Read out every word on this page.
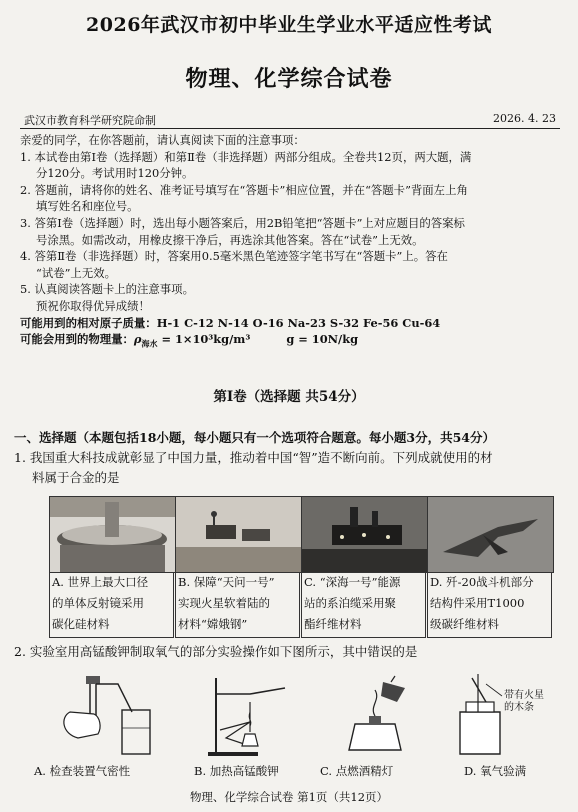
2026年武汉市初中毕业生学业水平适应性考试
物理、化学综合试卷
武汉市教育科学研究院命制	2026. 4. 23
亲爱的同学，在你答题前，请认真阅读下面的注意事项：
1. 本试卷由第Ⅰ卷（选择题）和第Ⅱ卷（非选择题）两部分组成。全卷共12页，两大题，满
分120分。考试用时120分钟。
2. 答题前，请将你的姓名、准考证号填写在“答题卡”相应位置，并在“答题卡”背面左上角
填写姓名和座位号。
3. 答第Ⅰ卷（选择题）时，选出每小题答案后，用2B铅笔把“答题卡”上对应题目的答案标
号涂黑。如需改动，用橡皮擦干净后，再选涂其他答案。答在“试卷”上无效。
4. 答第Ⅱ卷（非选择题）时，答案用0.5毫米黑色笔迹签字笔书写在“答题卡”上。答在
“试卷”上无效。
5. 认真阅读答题卡上的注意事项。
预祝你取得优异成绩！
可能用到的相对原子质量：H-1 C-12 N-14 O-16 Na-23 S-32 Fe-56 Cu-64
可能会用到的物理量：$\rho_{海水} = 1\times 10^3kg/m^3$	g = 10N/kg
第Ⅰ卷（选择题 共54分）
一、选择题（本题包括18小题，每小题只有一个选项符合题意。每小题3分，共54分）
1. 我国重大科技成就彰显了中国力量，推动着中国“智”造不断向前。下列成就使用的材
料属于合金的是
A. 世界上最大口径
的单体反射镜采用
碳化硅材料
B. 保障“天问一号”
实现火星软着陆的
材料“嫦娥钢”
C. “深海一号”能源
站的系泊缆采用聚
酯纤维材料
D. 歼-20战斗机部分
结构件采用T1000
级碳纤维材料
2. 实验室用高锰酸钾制取氧气的部分实验操作如下图所示，其中错误的是
带有火星
的木条
A. 检查装置气密性	B. 加热高锰酸钾	C. 点燃酒精灯	D. 氧气验满
物理、化学综合试卷 第1页（共12页）
